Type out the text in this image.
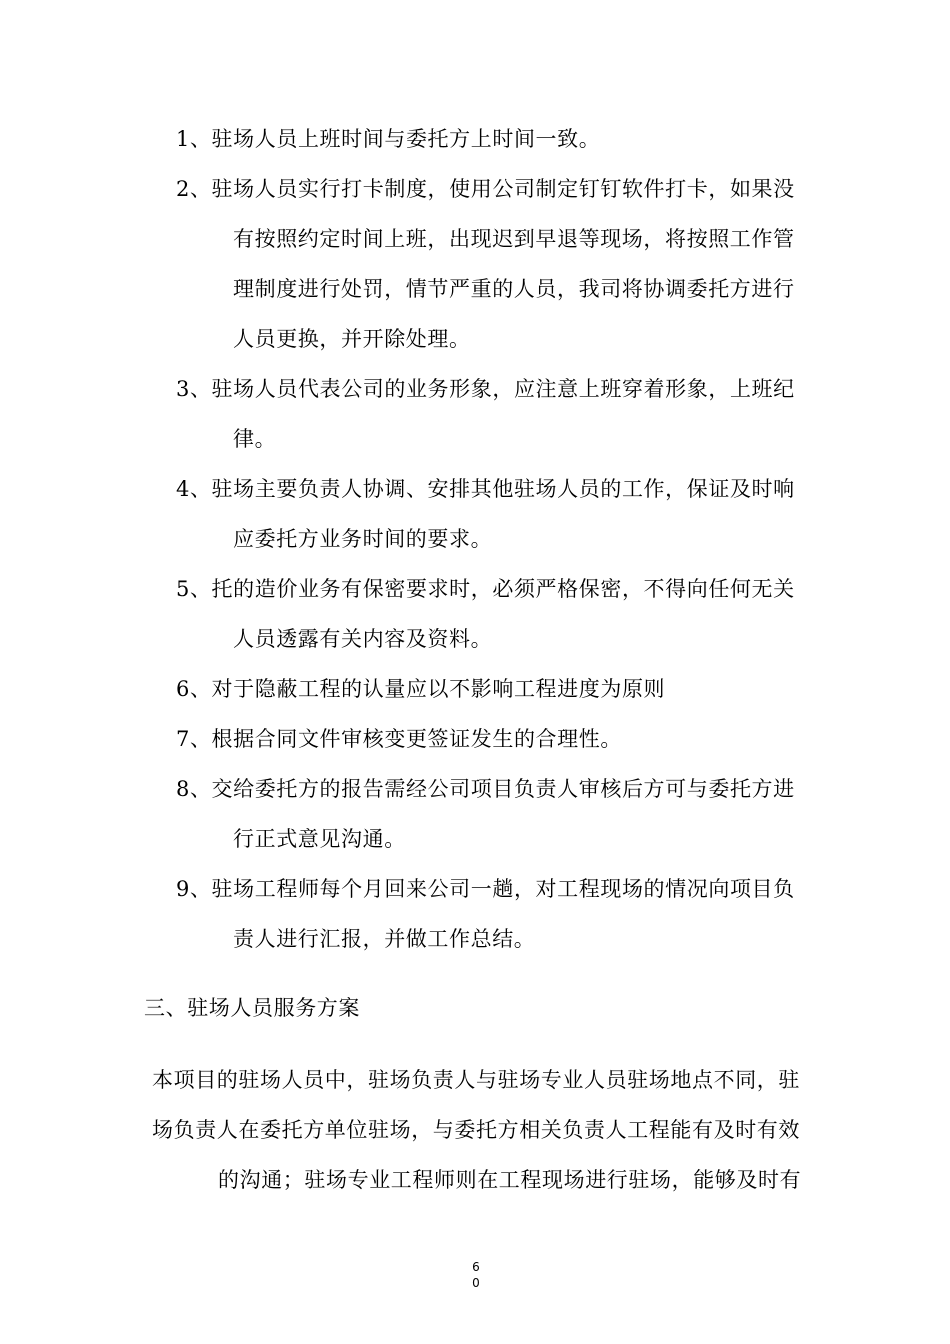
1、驻场人员上班时间与委托方上时间一致。
2、驻场人员实行打卡制度，使用公司制定钉钉软件打卡，如果没
有按照约定时间上班，出现迟到早退等现场，将按照工作管
理制度进行处罚，情节严重的人员，我司将协调委托方进行
人员更换，并开除处理。
3、驻场人员代表公司的业务形象，应注意上班穿着形象，上班纪
律。
4、驻场主要负责人协调、安排其他驻场人员的工作，保证及时响
应委托方业务时间的要求。
5、托的造价业务有保密要求时，必须严格保密，不得向任何无关
人员透露有关内容及资料。
6、对于隐蔽工程的认量应以不影响工程进度为原则
7、根据合同文件审核变更签证发生的合理性。
8、交给委托方的报告需经公司项目负责人审核后方可与委托方进
行正式意见沟通。
9、驻场工程师每个月回来公司一趟，对工程现场的情况向项目负
责人进行汇报，并做工作总结。
三、驻场人员服务方案
本项目的驻场人员中，驻场负责人与驻场专业人员驻场地点不同，驻
场负责人在委托方单位驻场，与委托方相关负责人工程能有及时有效
的沟通；驻场专业工程师则在工程现场进行驻场，能够及时有
6
0
